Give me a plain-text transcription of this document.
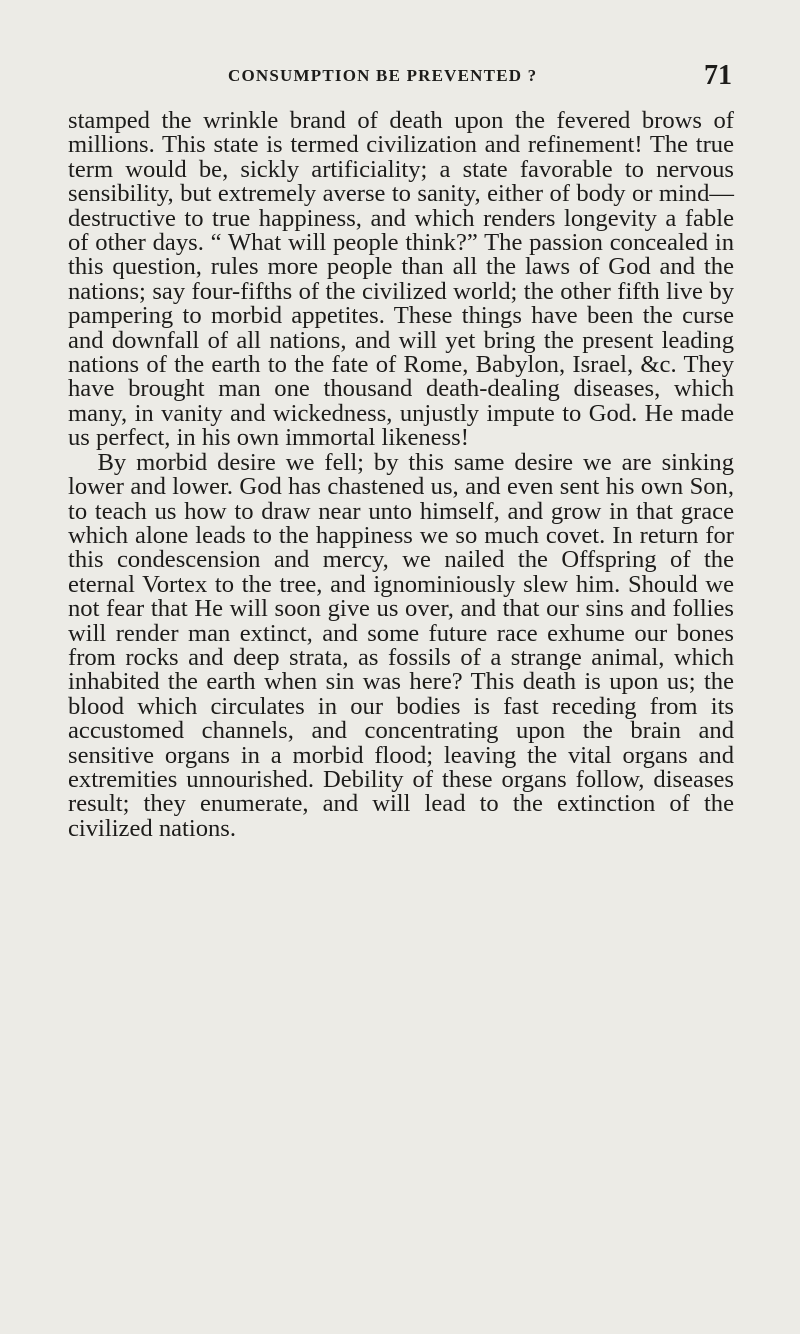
CONSUMPTION BE PREVENTED ?	71

stamped the wrinkle brand of death upon the fevered brows of millions. This state is termed civilization and refinement! The true term would be, sickly artificiality; a state favorable to nervous sensibility, but extremely averse to sanity, either of body or mind—destructive to true happiness, and which renders longevity a fable of other days. “ What will people think?” The passion concealed in this question, rules more people than all the laws of God and the nations; say four-fifths of the civilized world; the other fifth live by pampering to morbid appetites. These things have been the curse and downfall of all nations, and will yet bring the present leading nations of the earth to the fate of Rome, Babylon, Israel, &c. They have brought man one thousand death-dealing diseases, which many, in vanity and wickedness, unjustly impute to God. He made us perfect, in his own immortal likeness!

By morbid desire we fell; by this same desire we are sinking lower and lower. God has chastened us, and even sent his own Son, to teach us how to draw near unto himself, and grow in that grace which alone leads to the happiness we so much covet. In return for this condescension and mercy, we nailed the Offspring of the eternal Vortex to the tree, and ignominiously slew him. Should we not fear that He will soon give us over, and that our sins and follies will render man extinct, and some future race exhume our bones from rocks and deep strata, as fossils of a strange animal, which inhabited the earth when sin was here? This death is upon us; the blood which circulates in our bodies is fast receding from its accustomed channels, and concentrating upon the brain and sensitive organs in a morbid flood; leaving the vital organs and extremities unnourished. Debility of these organs follow, diseases result; they enumerate, and will lead to the extinction of the civilized nations.
